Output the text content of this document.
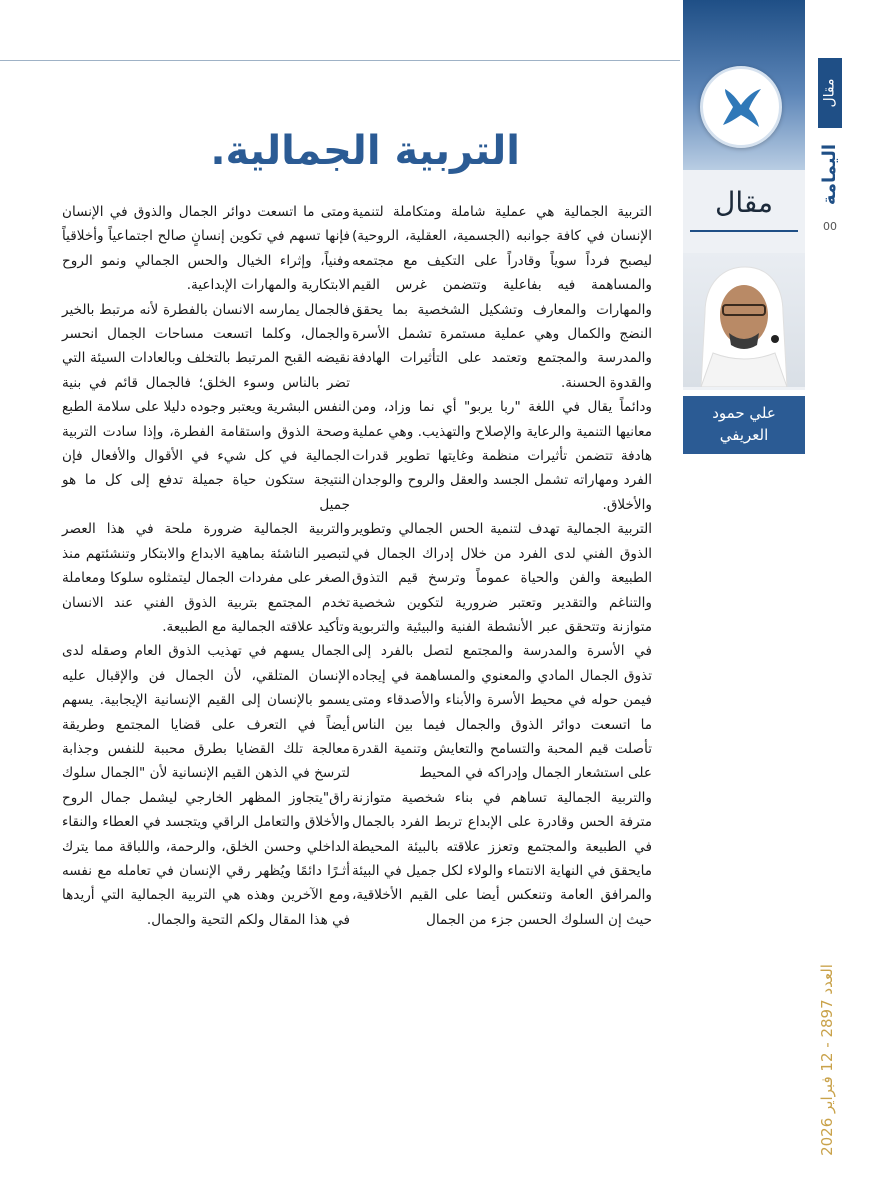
مقال
علي حمود
العريفي
مقال
اليمامة
00
العدد 2897 - 12 فبراير 2026
التربية الجمالية.

التربية الجمالية هي عملية شاملة ومتكاملة لتنمية الإنسان في كافة جوانبه (الجسمية، العقلية، الروحية) ليصبح فرداً سوياً وقادراً على التكيف مع مجتمعه والمساهمة فيه بفاعلية وتتضمن غرس القيم والمهارات والمعارف وتشكيل الشخصية بما يحقق النضج والكمال وهي عملية مستمرة تشمل الأسرة والمدرسة والمجتمع وتعتمد على التأثيرات الهادفة والقدوة الحسنة.

ودائماً يقال في اللغة "ربا يربو" أي نما وزاد، ومن معانيها التنمية والرعاية والإصلاح والتهذيب. وهي عملية هادفة تتضمن تأثيرات منظمة وغايتها تطوير قدرات الفرد ومهاراته تشمل الجسد والعقل والروح والوجدان والأخلاق.

التربية الجمالية تهدف لتنمية الحس الجمالي وتطوير الذوق الفني لدى الفرد من خلال إدراك الجمال في الطبيعة والفن والحياة عموماً وترسخ قيم التذوق والتناغم والتقدير وتعتبر ضرورية لتكوين شخصية متوازنة وتتحقق عبر الأنشطة الفنية والبيئية والتربوية في الأسرة والمدرسة والمجتمع لتصل بالفرد إلى تذوق الجمال المادي والمعنوي والمساهمة في إيجاده فيمن حوله في محيط الأسرة والأبناء والأصدقاء ومتى ما اتسعت دوائر الذوق والجمال فيما بين الناس تأصلت قيم المحبة والتسامح والتعايش وتنمية القدرة على استشعار الجمال وإدراكه في المحيط

والتربية الجمالية تساهم في بناء شخصية متوازنة مترفة الحس وقادرة على الإبداع تربط الفرد بالجمال في الطبيعة والمجتمع وتعزز علاقته بالبيئة المحيطة مايحقق في النهاية الانتماء والولاء لكل جميل في البيئة والمرافق العامة وتنعكس أيضا على القيم الأخلاقية، حيث إن السلوك الحسن جزء من الجمال

ومتى ما اتسعت دوائر الجمال والذوق في الإنسان فإنها تسهم في تكوين إنسانٍ صالح اجتماعياً وأخلاقياً وفنياً، وإثراء الخيال والحس الجمالي ونمو الروح الابتكارية والمهارات الإبداعية.

فالجمال يمارسه الانسان بالفطرة لأنه مرتبط بالخير والجمال، وكلما اتسعت مساحات الجمال انحسر نقيضه القبح المرتبط بالتخلف وبالعادات السيئة التي تضر بالناس وسوء الخلق؛ فالجمال قائم في بنية النفس البشرية ويعتبر وجوده دليلا على سلامة الطبع وصحة الذوق واستقامة الفطرة، وإذا سادت التربية الجمالية في كل شيء في الأقوال والأفعال فإن النتيجة ستكون حياة جميلة تدفع إلى كل ما هو جميل

والتربية الجمالية ضرورة ملحة في هذا العصر لتبصير الناشئة بماهية الابداع والابتكار وتنشئتهم منذ الصغر على مفردات الجمال ليتمثلوه سلوكا ومعاملة تخدم المجتمع بتربية الذوق الفني عند الانسان وتأكيد علاقته الجمالية مع الطبيعة.

الجمال يسهم في تهذيب الذوق العام وصقله لدى الإنسان المتلقي، لأن الجمال فن والإقبال عليه يسمو بالإنسان إلى القيم الإنسانية الإيجابية. يسهم أيضاً في التعرف على قضايا المجتمع وطريقة معالجة تلك القضايا بطرق محببة للنفس وجذابة لترسخ في الذهن القيم الإنسانية لأن "الجمال سلوك راق"يتجاوز المظهر الخارجي ليشمل جمال الروح والأخلاق والتعامل الراقي ويتجسد في العطاء والنقاء الداخلي وحسن الخلق، والرحمة، واللباقة مما يترك أثـرًا دائمًا ويُظهر رقي الإنسان في تعامله مع نفسه ومع الآخرين وهذه هي التربية الجمالية التي أريدها في هذا المقال ولكم التحية والجمال.
